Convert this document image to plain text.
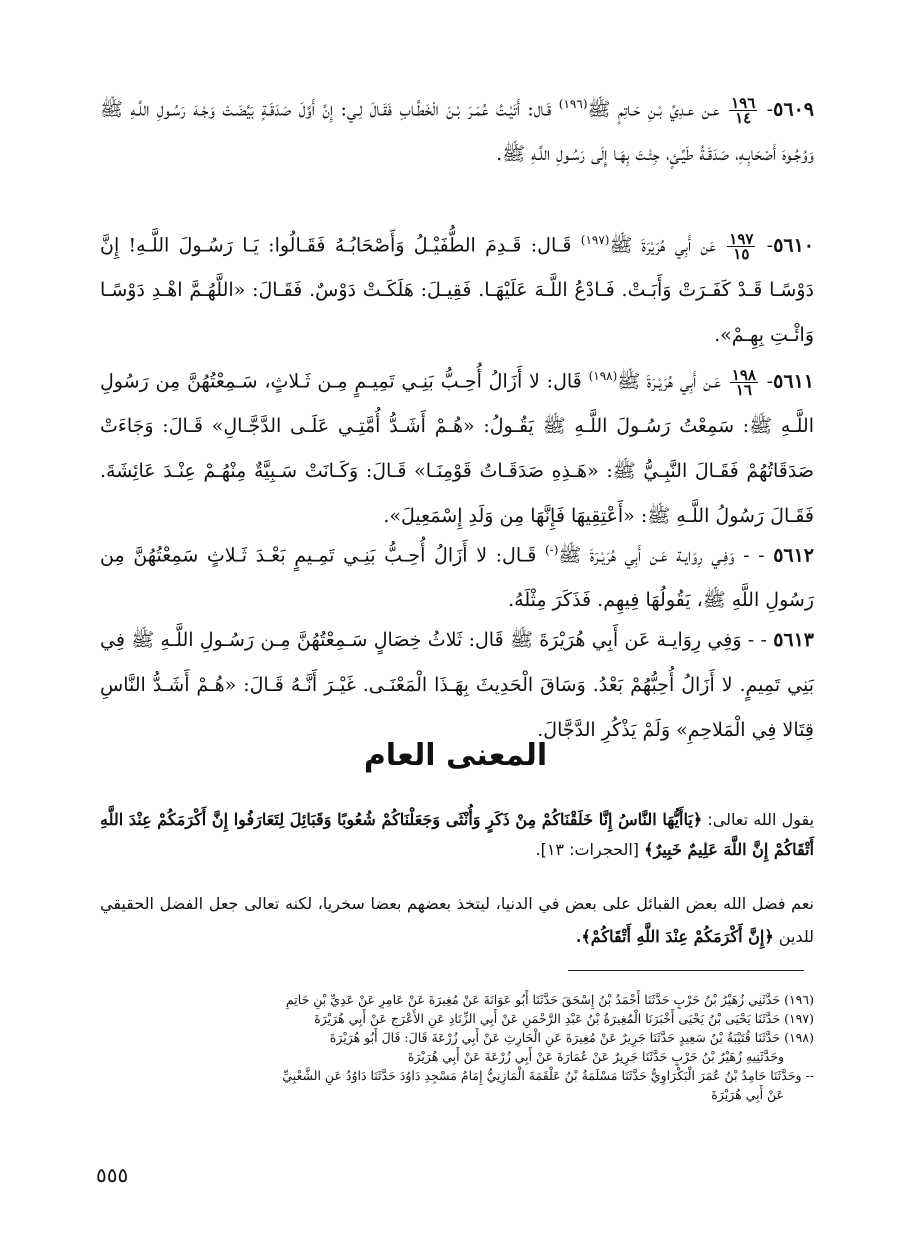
٥٦٠٩-
$\frac{١٩٦}{١٤}$
عـن عـدِيِّ بْـنِ حَـاتِمٍ ﷺ$^{(١٩٦)}$ قَـال: أَتَيْـتُ عُمَـرَ بْـنَ الْخَطَّـابِ فَقَـالَ لِـي: إِنَّ أَوَّلَ صَدَقَـةٍ بَيَّضَـتْ وَجْـهَ رَسُـولِ اللَّـهِ ﷺ وَوُجُـوهَ أَصْحَابِـهِ، صَدَقَـةُ طَيِّـئٍ، جِئْـتَ بِهَـا إِلَى رَسُـولِ اللَّـهِ ﷺ.
٥٦١٠-
$\frac{١٩٧}{١٥}$
عَن أَبِي هُرَيْرَةَ ﷺ$^{(١٩٧)}$ قَـال: قَـدِمَ الطُّفَيْـلُ وَأَصْحَابُـهُ فَقَـالُوا: يَـا رَسُـولَ اللَّـهِ! إِنَّ دَوْسًـا قَـدْ كَفَـرَتْ وَأَبَـتْ. فَـادْعُ اللَّـهَ عَلَيْهَـا. فَقِيـلَ: هَلَكَـتْ دَوْسٌ. فَقَـالَ: «اللَّهُـمَّ اهْـدِ دَوْسًـا وَائْـتِ بِهِـمْ».
٥٦١١-
$\frac{١٩٨}{١٦}$
عَـن أَبِي هُرَيْـرَةَ ﷺ$^{(١٩٨)}$ قَال: لا أَزَالُ أُحِـبُّ بَنِـي تَمِيـمٍ مِـن ثَـلاثٍ، سَـمِعْتُهُنَّ مِن رَسُولِ اللَّـهِ ﷺ: سَمِعْتُ رَسُـولَ اللَّـهِ ﷺ يَقُـولُ: «هُـمْ أَشَـدُّ أُمَّتِـي عَلَـى الدَّجَّـالِ» قَـالَ: وَجَاءَتْ صَدَقَاتُهُمْ فَقَـالَ النَّبِـيُّ ﷺ: «هَـذِهِ صَدَقَـاتُ قَوْمِنَـا» قَـالَ: وَكَـانَتْ سَـبِيَّةٌ مِنْهُـمْ عِنْـدَ عَائِشَةَ. فَقَـالَ رَسُولُ اللَّـهِ ﷺ: «أَعْتِقِيهَا فَإِنَّهَا مِن وَلَدِ إِسْمَعِيلَ».
٥٦١٢ - - وَفِـي رِوَايـة عَـن أَبِي هُرَيْـرَةَ ﷺ(-) قَـال: لا أَزَالُ أُحِـبُّ بَنِـي تَمِـيمٍ بَعْـدَ ثَـلاثٍ سَمِعْتُهُنَّ مِن رَسُولِ اللَّهِ ﷺ، يَقُولُهَا فِيهِم. فَذَكَرَ مِثْلَهُ.
٥٦١٣ - - وَفِي رِوَايـة عَن أَبِي هُرَيْرَةَ ﷺ قَال: ثَلاثُ خِصَالٍ سَـمِعْتُهُنَّ مِـن رَسُـولِ اللَّـهِ ﷺ فِي بَنِي تَمِيمٍ. لا أَزَالُ أُحِبُّهُمْ بَعْدُ. وَسَاقَ الْحَدِيثَ بِهَـذَا الْمَعْنَـى. غَيْـرَ أَنَّـهُ قَـالَ: «هُـمْ أَشَـدُّ النَّاسِ قِتَالا فِي الْمَلاحِمِ» وَلَمْ يَذْكُرِ الدَّجَّالَ.
المعنى العام
يقول الله تعالى: ﴿يَاأَيُّهَا النَّاسُ إِنَّا خَلَقْنَاكُمْ مِنْ ذَكَرٍ وَأُنْثَى وَجَعَلْنَاكُمْ شُعُوبًا وَقَبَائِلَ لِتَعَارَفُوا إِنَّ أَكْرَمَكُمْ عِنْدَ اللَّهِ أَتْقَاكُمْ إِنَّ اللَّهَ عَلِيمٌ خَبِيرٌ﴾ [الحجرات: ١٣].
نعم فضل الله بعض القبائل على بعض في الدنيا، ليتخذ بعضهم بعضا سخريا، لكنه تعالى جعل الفضل الحقيقي للدين ﴿إِنَّ أَكْرَمَكُمْ عِنْدَ اللَّهِ أَتْقَاكُمْ﴾.
(١٩٦) حَدَّثَنِي زُهَيْرُ بْنُ حَرْبٍ حَدَّثَنَا أَحْمَدُ بْنُ إِسْحَقَ حَدَّثَنَا أَبُو عَوَانَةَ عَنْ مُغِيرَةَ عَنْ عَامِرٍ عَنْ عَدِيِّ بْنِ حَاتِمٍ
(١٩٧) حَدَّثَنَا يَحْيَى بْنُ يَحْيَى أَخْبَرَنَا الْمُغِيرَةُ بْنُ عَبْدِ الرَّحْمَنِ عَنْ أَبِي الزِّنَادِ عَنِ الأَعْرَجِ عَنْ أَبِي هُرَيْرَةَ
(١٩٨) حَدَّثَنَا قُتَيْبَةُ بْنُ سَعِيدٍ حَدَّثَنَا جَرِيرٌ عَنْ مُغِيرَةَ عَنِ الْحَارِثِ عَنْ أَبِي زُرْعَةَ قَالَ: قَالَ أَبُو هُرَيْرَةَ
وحَدَّثَنِيهِ زُهَيْرُ بْنُ حَرْبٍ حَدَّثَنَا جَرِيرٌ عَنْ عُمَارَةَ عَنْ أَبِي زُرْعَةَ عَنْ أَبِي هُرَيْرَةَ
-- وحَدَّثَنَا حَامِدُ بْنُ عُمَرَ الْبَكْرَاوِيُّ حَدَّثَنَا مَسْلَمَةُ بْنُ عَلْقَمَةَ الْمَازِنِيُّ إِمَامُ مَسْجِدِ دَاوُدَ حَدَّثَنَا دَاوُدُ عَنِ الشَّعْبِيِّ
عَنْ أَبِي هُرَيْرَةَ
٥٥٥
